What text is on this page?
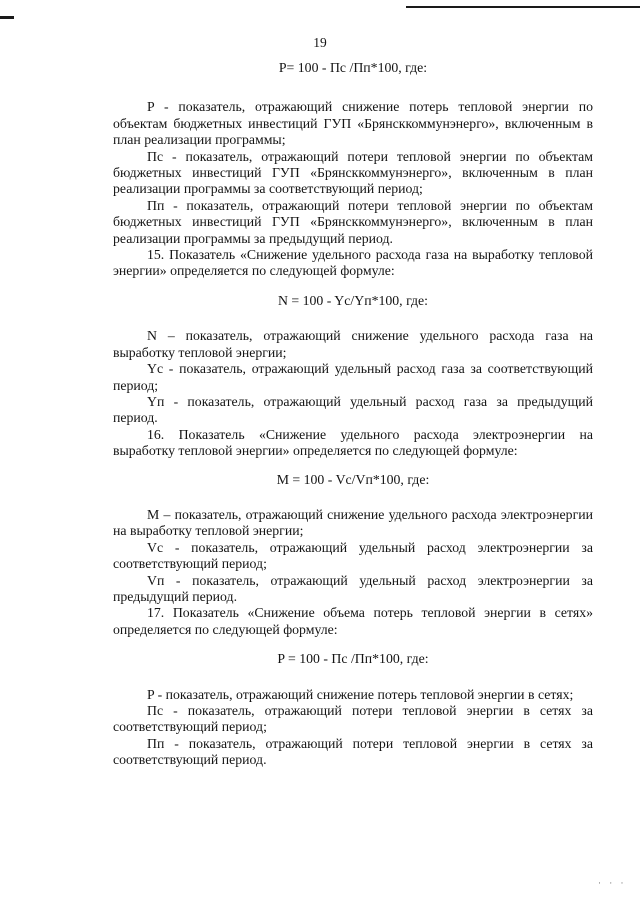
19

P= 100 - Пс /Пп*100, где:

P - показатель, отражающий снижение потерь тепловой энергии по объектам бюджетных инвестиций ГУП «Брянсккоммунэнерго», включенным в план реализации программы;

Пс - показатель, отражающий потери тепловой энергии по объектам бюджетных инвестиций ГУП «Брянсккоммунэнерго», включенным в план реализации программы за соответствующий период;

Пп - показатель, отражающий потери тепловой энергии по объектам бюджетных инвестиций ГУП «Брянсккоммунэнерго», включенным в план реализации программы за предыдущий период.

15. Показатель «Снижение удельного расхода газа на выработку тепловой энергии» определяется по следующей формуле:

N = 100 - Yc/Yп*100, где:

N – показатель, отражающий снижение удельного расхода газа на выработку тепловой энергии;

Yc - показатель, отражающий удельный расход газа за соответствующий период;

Yп - показатель, отражающий удельный расход газа за предыдущий период.

16. Показатель «Снижение удельного расхода электроэнергии на выработку тепловой энергии» определяется по следующей формуле:

M = 100 - Vc/Vп*100, где:

M – показатель, отражающий снижение удельного расхода электроэнергии на выработку тепловой энергии;

Vc - показатель, отражающий удельный расход электроэнергии за соответствующий период;

Vп - показатель, отражающий удельный расход электроэнергии за предыдущий период.

17. Показатель «Снижение объема потерь тепловой энергии в сетях» определяется по следующей формуле:

P = 100 - Пс /Пп*100, где:

P - показатель, отражающий снижение потерь тепловой энергии в сетях;

Пс - показатель, отражающий потери тепловой энергии в сетях за соответствующий период;

Пп - показатель, отражающий потери тепловой энергии в сетях за соответствующий период.

· · ·
